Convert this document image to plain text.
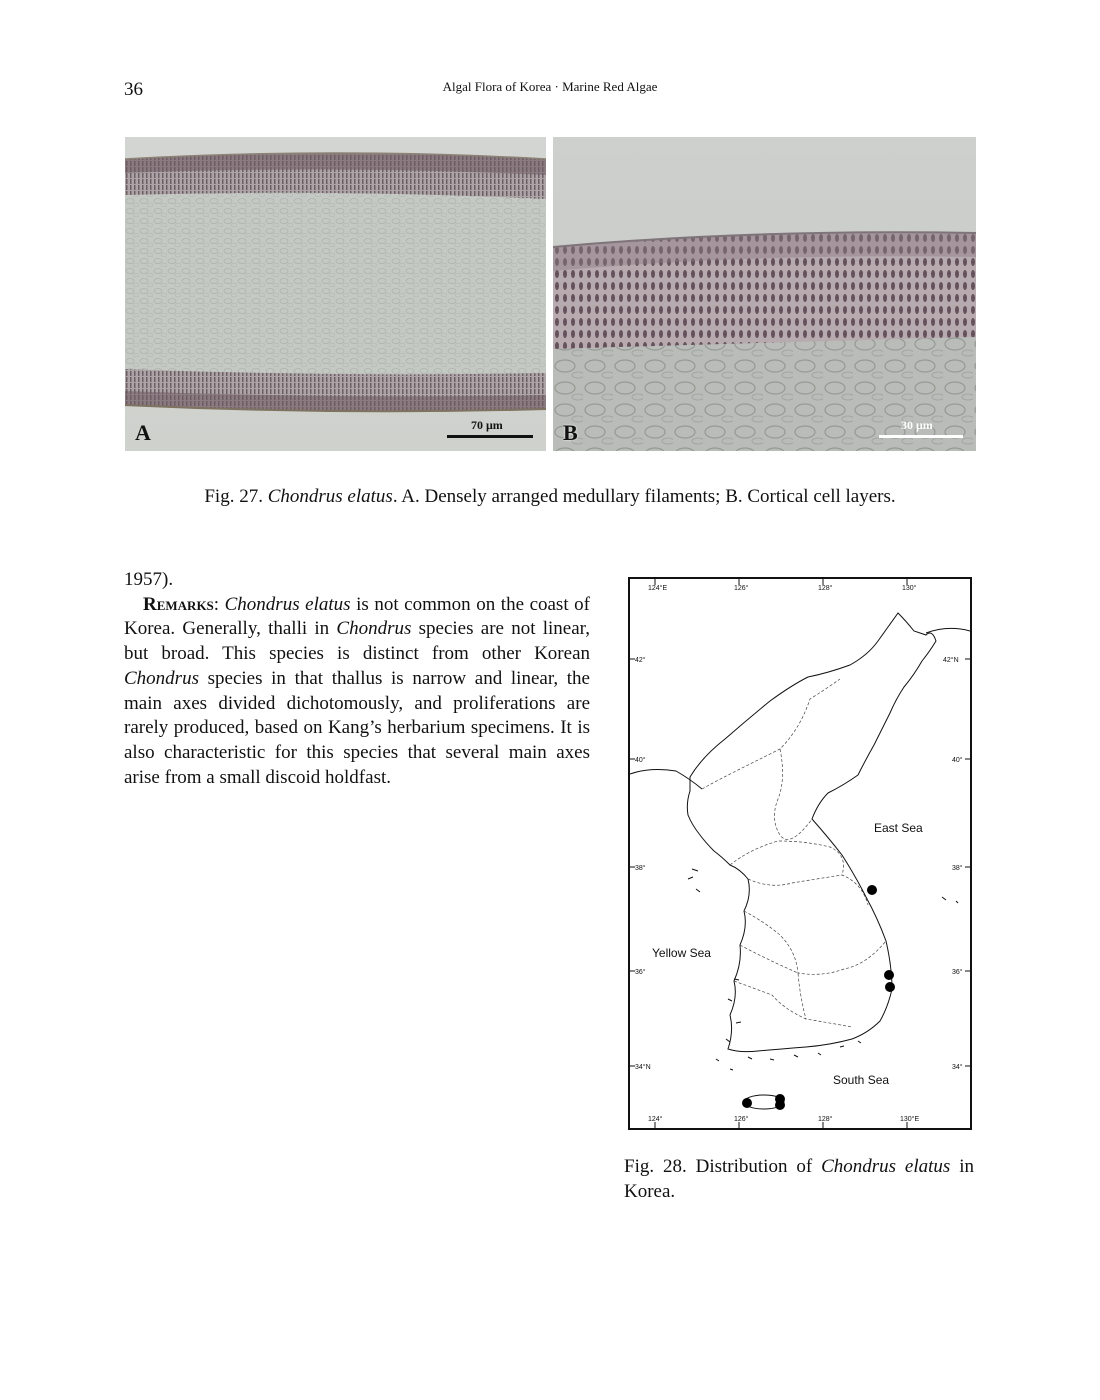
36	Algal Flora of Korea · Marine Red Algae
A	70 μm	B	30 μm
Fig. 27. Chondrus elatus. A. Densely arranged medullary filaments; B. Cortical cell layers.

1957).

Remarks: Chondrus elatus is not common on the coast of Korea. Generally, thalli in Chondrus species are not linear, but broad. This species is distinct from other Korean Chondrus species in that thallus is narrow and linear, the main axes divided dichotomously, and proliferations are rarely produced, based on Kang’s herbarium specimens. It is also characteristic for this species that several main axes arise from a small discoid holdfast.

124°E	126°	128°	130°
124°	126°	128°	130°E
42°
40°
38°
36°
34°N
42°N
40°
38°
36°
34°
East Sea
Yellow Sea
South Sea
Fig. 28. Distribution of Chondrus elatus in Korea.
